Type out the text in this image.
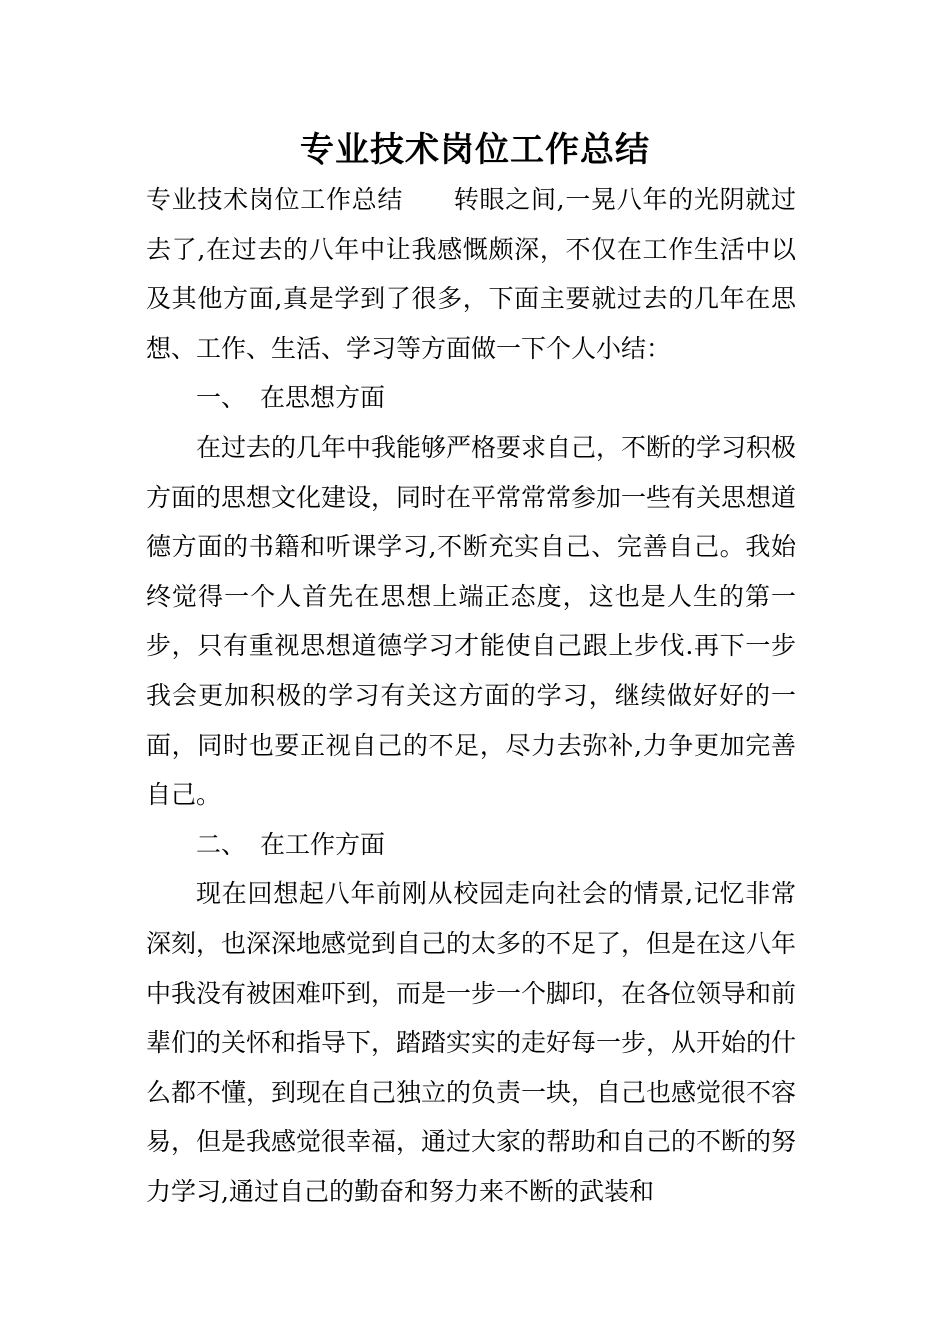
专业技术岗位工作总结

专业技术岗位工作总结 转眼之间,一晃八年的光阴就过去了,在过去的八年中让我感慨颇深，不仅在工作生活中以及其他方面,真是学到了很多，下面主要就过去的几年在思想、工作、生活、学习等方面做一下个人小结：

一、 在思想方面

在过去的几年中我能够严格要求自己，不断的学习积极方面的思想文化建设，同时在平常常常参加一些有关思想道德方面的书籍和听课学习,不断充实自己、完善自己。我始终觉得一个人首先在思想上端正态度，这也是人生的第一步，只有重视思想道德学习才能使自己跟上步伐.再下一步我会更加积极的学习有关这方面的学习，继续做好好的一面，同时也要正视自己的不足，尽力去弥补,力争更加完善自己。

二、 在工作方面

现在回想起八年前刚从校园走向社会的情景,记忆非常深刻，也深深地感觉到自己的太多的不足了，但是在这八年中我没有被困难吓到，而是一步一个脚印，在各位领导和前辈们的关怀和指导下，踏踏实实的走好每一步，从开始的什么都不懂，到现在自己独立的负责一块，自己也感觉很不容易，但是我感觉很幸福，通过大家的帮助和自己的不断的努力学习,通过自己的勤奋和努力来不断的武装和
